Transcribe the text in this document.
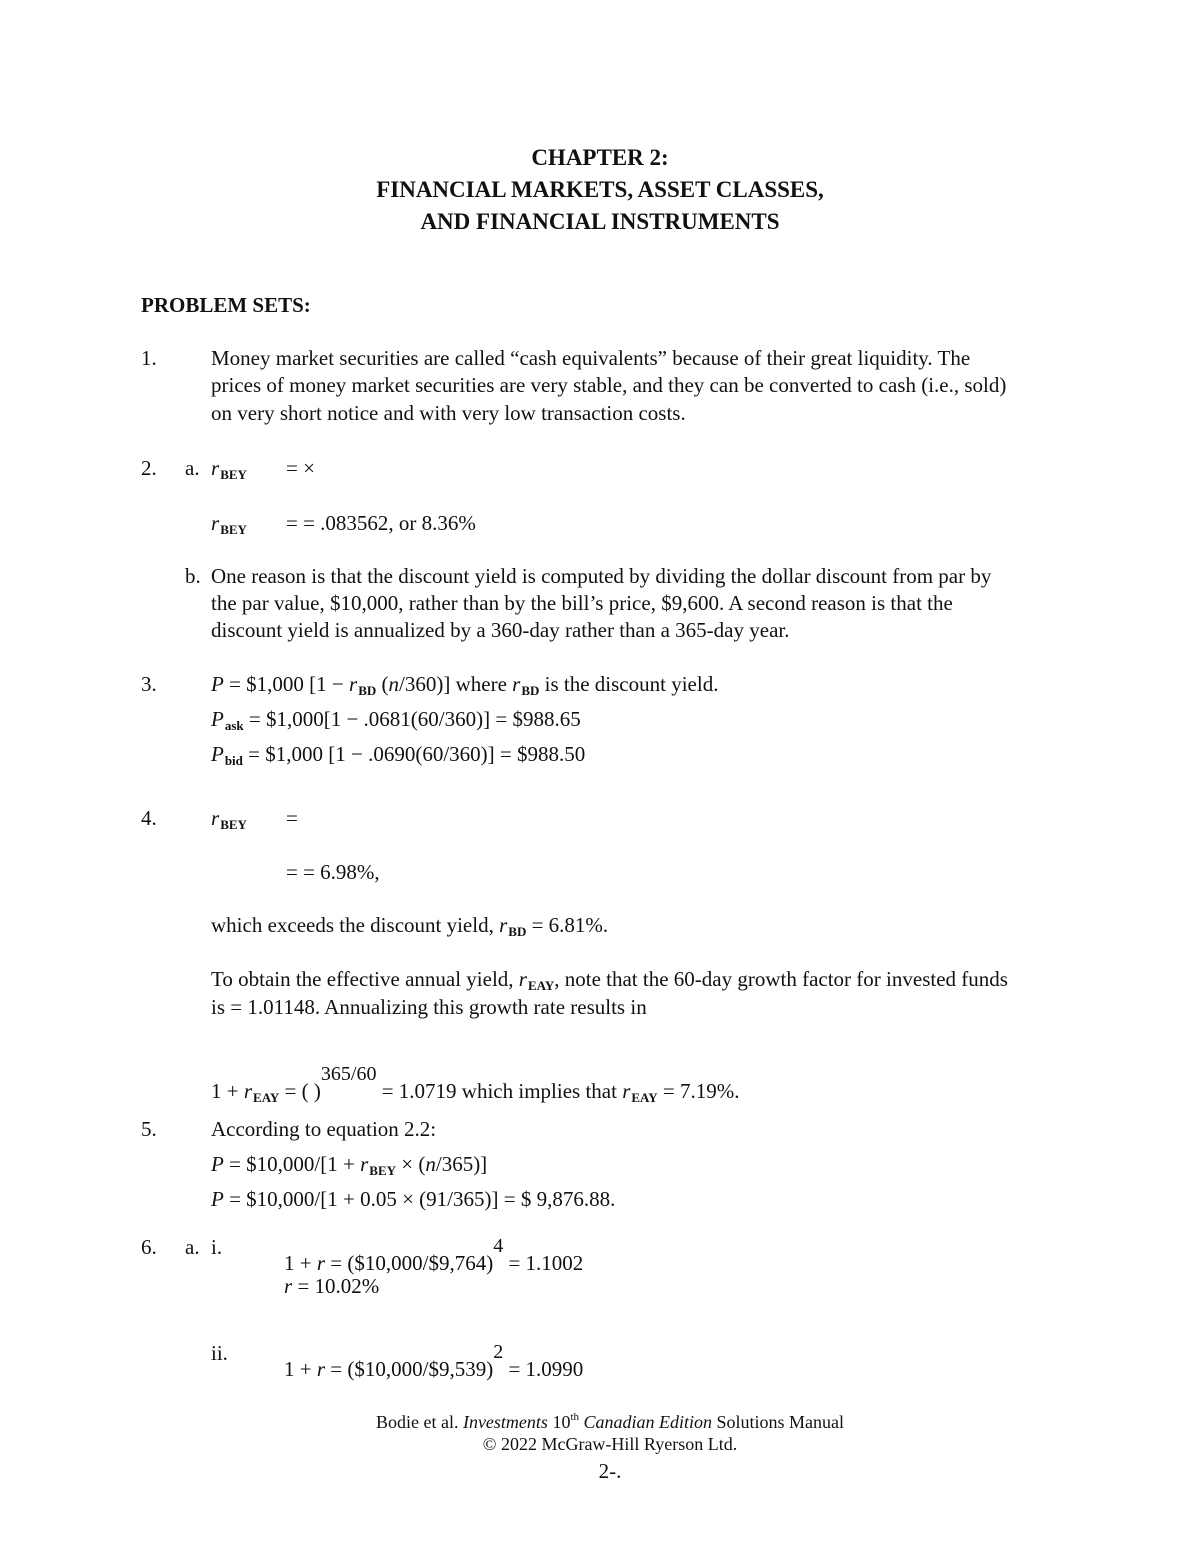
CHAPTER 2:
FINANCIAL MARKETS, ASSET CLASSES,
AND FINANCIAL INSTRUMENTS
PROBLEM SETS:
1.	Money market securities are called “cash equivalents” because of their great liquidity. The
prices of money market securities are very stable, and they can be converted to cash (i.e., sold)
on very short notice and with very low transaction costs.
2. a. $r_{BEY}$ = ×
$r_{BEY}$ = = .083562, or 8.36%
b. One reason is that the discount yield is computed by dividing the dollar discount from par by
the par value, $10,000, rather than by the bill’s price, $9,600. A second reason is that the
discount yield is annualized by a 360-day rather than a 365-day year.
3.	P = $1,000 [$1 - r_{BD}$ (n/360)] where $r_{BD}$ is the discount yield.
$P_{ask}$ = $1,000[1 − .0681(60/360)] = $988.65
$P_{bid}$ = $1,000 [1 − .0690(60/360)] = $988.50
4.	$r_{BEY}$ =
= = 6.98%,
which exceeds the discount yield, $r_{BD} = 6.81\%$.
To obtain the effective annual yield, $r_{EAY}$, note that the 60-day growth factor for invested funds
is = 1.01148. Annualizing this growth rate results in
$1 + r_{EAY}$ = ( )$^{365/60}$ = 1.0719 which implies that $r_{EAY} = 7.19\%$.
5.	According to equation 2.2:
P = $10,000/[1 + $r_{BEY} \times (n/365)$]
P = $10,000/[1 + 0.05 × (91/365)] = $ 9,876.88.
6. a. i.
1 + r = ($10,000/$9,764)$^4$ = 1.1002
r = 10.02%
ii.
1 + r = ($10,000/$9,539)$^2$ = 1.0990
Bodie et al. Investments 10th Canadian Edition Solutions Manual
© 2022 McGraw-Hill Ryerson Ltd.
2-.
